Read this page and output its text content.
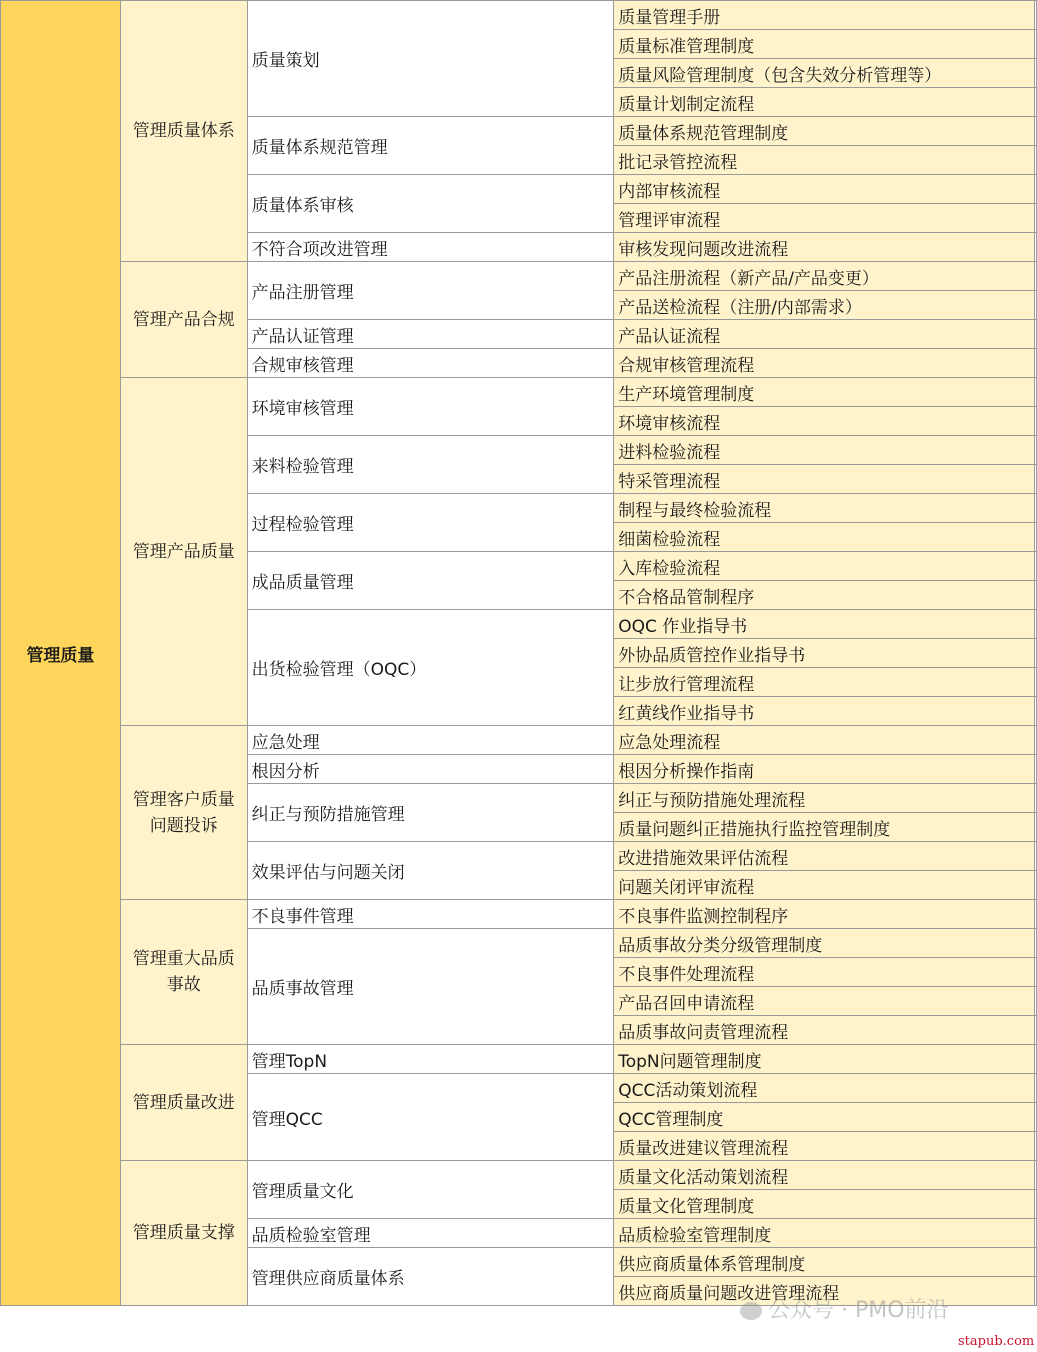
管理质量	管理质量体系	质量策划	质量管理手册	
			质量标准管理制度	
			质量风险管理制度（包含失效分析管理等）	
			质量计划制定流程	
		质量体系规范管理	质量体系规范管理制度	
			批记录管控流程	
		质量体系审核	内部审核流程	
			管理评审流程	
		不符合项改进管理	审核发现问题改进流程	
	管理产品合规	产品注册管理	产品注册流程（新产品/产品变更）	
			产品送检流程（注册/内部需求）	
		产品认证管理	产品认证流程	
		合规审核管理	合规审核管理流程	
	管理产品质量	环境审核管理	生产环境管理制度	
			环境审核流程	
		来料检验管理	进料检验流程	
			特采管理流程	
		过程检验管理	制程与最终检验流程	
			细菌检验流程	
		成品质量管理	入库检验流程	
			不合格品管制程序	
		出货检验管理（OQC）	OQC 作业指导书	
			外协品质管控作业指导书	
			让步放行管理流程	
			红黄线作业指导书	
	管理客户质量问题投诉	应急处理	应急处理流程	
		根因分析	根因分析操作指南	
		纠正与预防措施管理	纠正与预防措施处理流程	
			质量问题纠正措施执行监控管理制度	
		效果评估与问题关闭	改进措施效果评估流程	
			问题关闭评审流程	
	管理重大品质事故	不良事件管理	不良事件监测控制程序	
		品质事故管理	品质事故分类分级管理制度	
			不良事件处理流程	
			产品召回申请流程	
			品质事故问责管理流程	
	管理质量改进	管理TopN	TopN问题管理制度	
		管理QCC	QCC活动策划流程	
			QCC管理制度	
			质量改进建议管理流程	
	管理质量支撑	管理质量文化	质量文化活动策划流程	
			质量文化管理制度	
		品质检验室管理	品质检验室管理制度	
		管理供应商质量体系	供应商质量体系管理制度	
			供应商质量问题改进管理流程	
公众号 · PMO前沿
stapub.com
